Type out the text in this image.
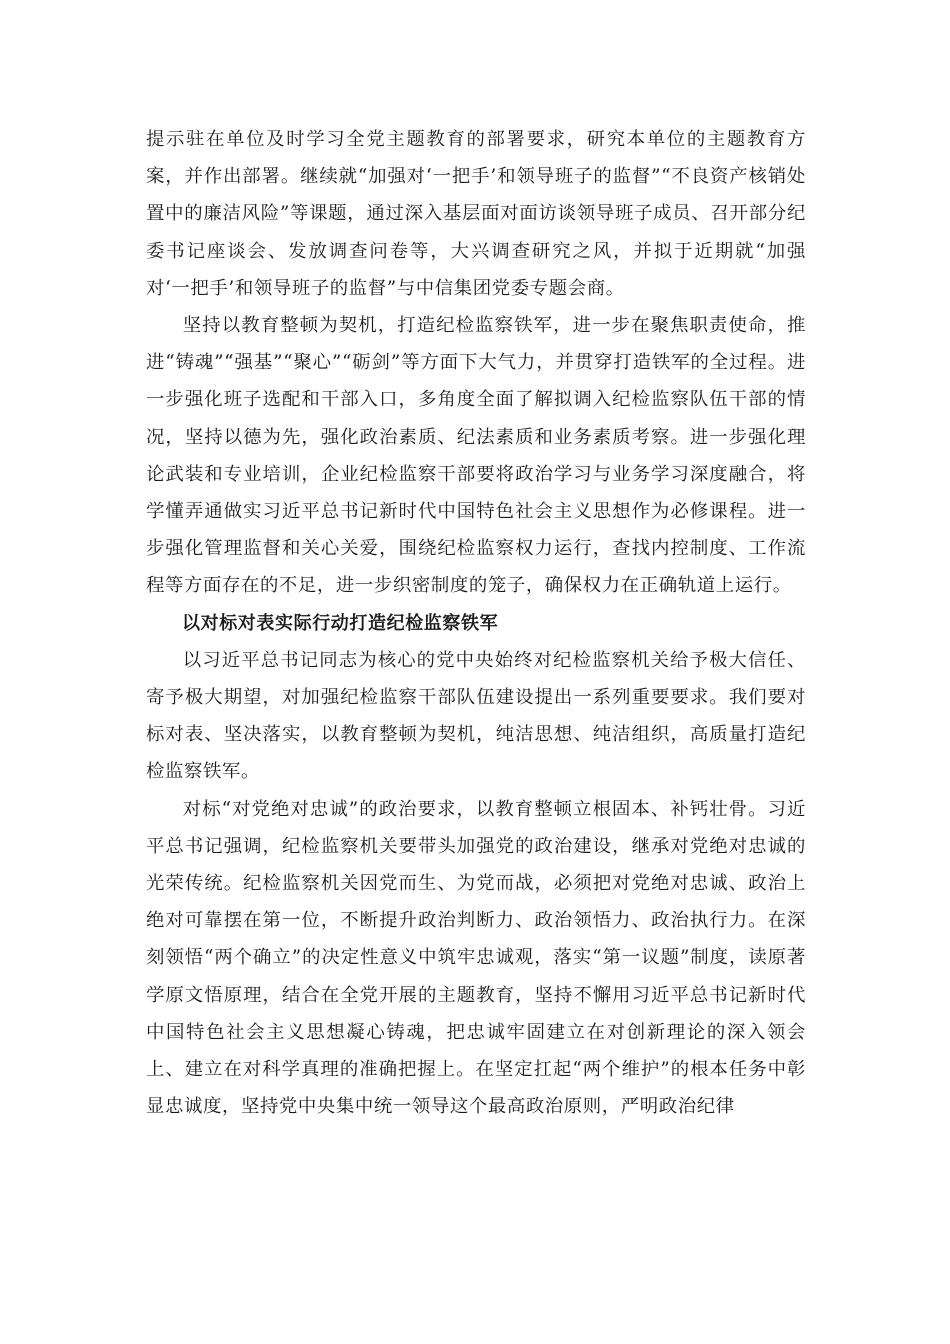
提示驻在单位及时学习全党主题教育的部署要求，研究本单位的主题教育方案，并作出部署。继续就“加强对‘一把手’和领导班子的监督”“不良资产核销处置中的廉洁风险”等课题，通过深入基层面对面访谈领导班子成员、召开部分纪委书记座谈会、发放调查问卷等，大兴调查研究之风，并拟于近期就“加强对‘一把手’和领导班子的监督”与中信集团党委专题会商。

坚持以教育整顿为契机，打造纪检监察铁军，进一步在聚焦职责使命，推进“铸魂”“强基”“聚心”“砺剑”等方面下大气力，并贯穿打造铁军的全过程。进一步强化班子选配和干部入口，多角度全面了解拟调入纪检监察队伍干部的情况，坚持以德为先，强化政治素质、纪法素质和业务素质考察。进一步强化理论武装和专业培训，企业纪检监察干部要将政治学习与业务学习深度融合，将学懂弄通做实习近平总书记新时代中国特色社会主义思想作为必修课程。进一步强化管理监督和关心关爱，围绕纪检监察权力运行，查找内控制度、工作流程等方面存在的不足，进一步织密制度的笼子，确保权力在正确轨道上运行。

以对标对表实际行动打造纪检监察铁军

以习近平总书记同志为核心的党中央始终对纪检监察机关给予极大信任、寄予极大期望，对加强纪检监察干部队伍建设提出一系列重要要求。我们要对标对表、坚决落实，以教育整顿为契机，纯洁思想、纯洁组织，高质量打造纪检监察铁军。

对标“对党绝对忠诚”的政治要求，以教育整顿立根固本、补钙壮骨。习近平总书记强调，纪检监察机关要带头加强党的政治建设，继承对党绝对忠诚的光荣传统。纪检监察机关因党而生、为党而战，必须把对党绝对忠诚、政治上绝对可靠摆在第一位，不断提升政治判断力、政治领悟力、政治执行力。在深刻领悟“两个确立”的决定性意义中筑牢忠诚观，落实“第一议题”制度，读原著学原文悟原理，结合在全党开展的主题教育，坚持不懈用习近平总书记新时代中国特色社会主义思想凝心铸魂，把忠诚牢固建立在对创新理论的深入领会上、建立在对科学真理的准确把握上。在坚定扛起“两个维护”的根本任务中彰显忠诚度，坚持党中央集中统一领导这个最高政治原则，严明政治纪律
